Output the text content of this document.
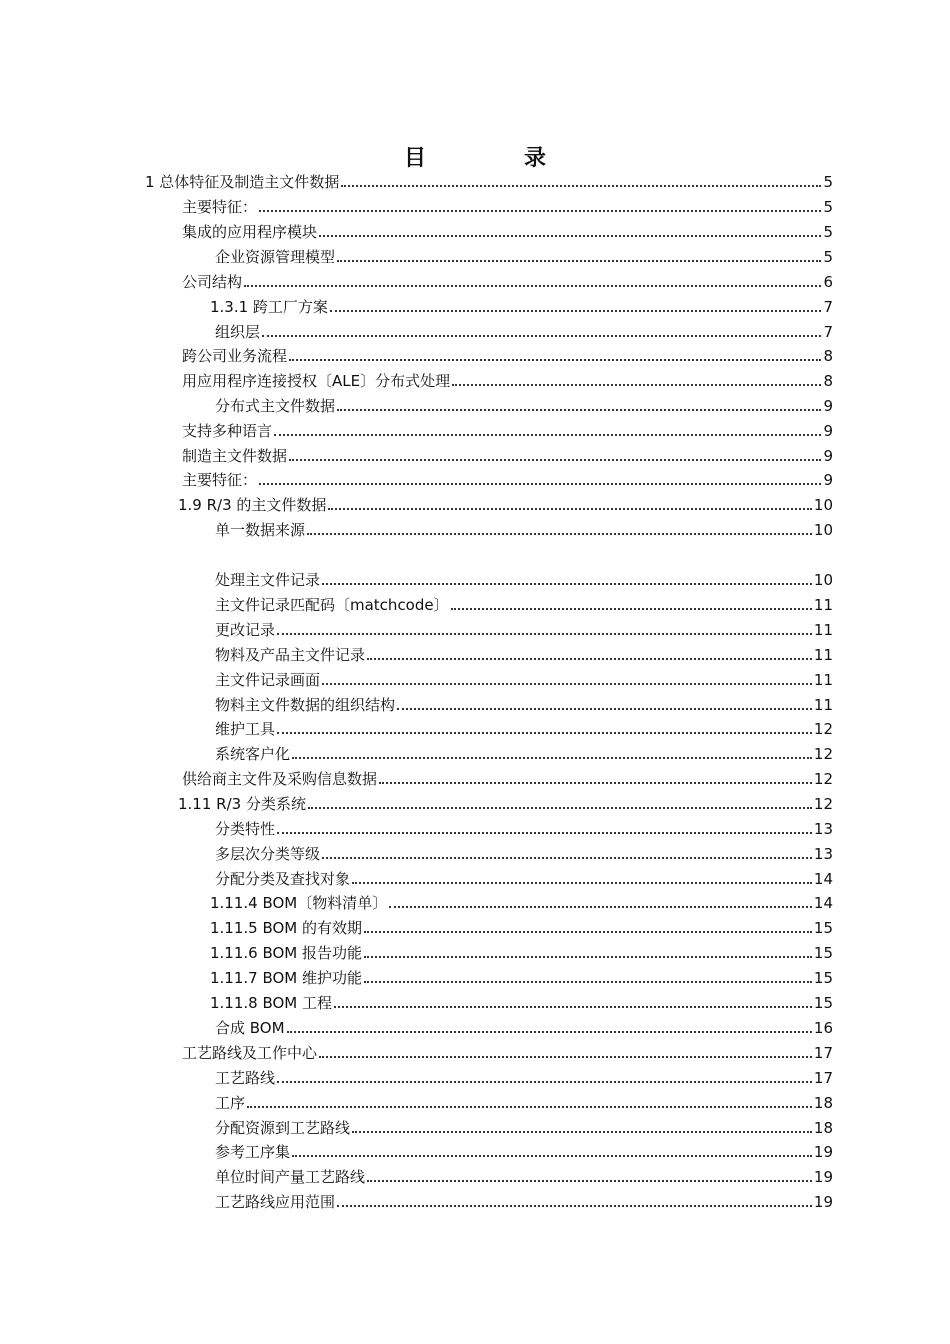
目	录
1 总体特征及制造主文件数据	5
主要特征：	5
集成的应用程序模块	5
企业资源管理模型	5
公司结构	6
1.3.1 跨工厂方案	7
组织层	7
跨公司业务流程	8
用应用程序连接授权〔ALE〕分布式处理	8
分布式主文件数据	9
支持多种语言	9
制造主文件数据	9
主要特征：	9
1.9 R/3 的主文件数据	10
单一数据来源	10
处理主文件记录	10
主文件记录匹配码〔matchcode〕	11
更改记录	11
物料及产品主文件记录	11
主文件记录画面	11
物料主文件数据的组织结构	11
维护工具	12
系统客户化	12
供给商主文件及采购信息数据	12
1.11 R/3 分类系统	12
分类特性	13
多层次分类等级	13
分配分类及查找对象	14
1.11.4 BOM〔物料清单〕	14
1.11.5 BOM 的有效期	15
1.11.6 BOM 报告功能	15
1.11.7 BOM 维护功能	15
1.11.8 BOM 工程	15
合成 BOM	16
工艺路线及工作中心	17
工艺路线	17
工序	18
分配资源到工艺路线	18
参考工序集	19
单位时间产量工艺路线	19
工艺路线应用范围	19
